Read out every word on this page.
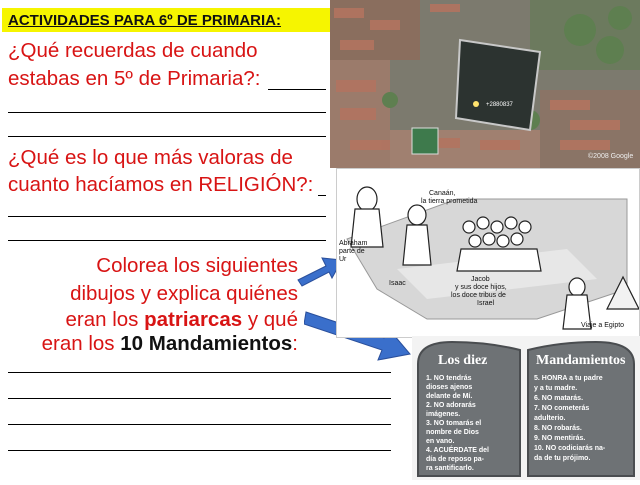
ACTIVIDADES PARA 6º DE PRIMARIA:
¿Qué recuerdas de cuando
estabas en 5º de Primaria?:
¿Qué es lo que más valoras de
cuanto hacíamos en RELIGIÓN?:
Colorea los siguientes
dibujos y explica quiénes
eran los patriarcas y qué
eran los 10 Mandamientos:
+2880837
©2008 Google
Abraham
parte de
Ur
Canaán,
la tierra prometida
Isaac
Jacob
y sus doce hijos,
los doce tribus de
Israel
Viaje a Egipto
Los diez	Mandamientos
1. NO tendrás
dioses ajenos
delante de Mí.
2. NO adorarás
imágenes.
3. NO tomarás el
nombre de Dios
en vano.
4. ACUÉRDATE del
día de reposo pa-
ra santificarlo.
5. HONRA a tu padre
y a tu madre.
6. NO matarás.
7. NO cometerás
adulterio.
8. NO robarás.
9. NO mentirás.
10. NO codiciarás na-
da de tu prójimo.
